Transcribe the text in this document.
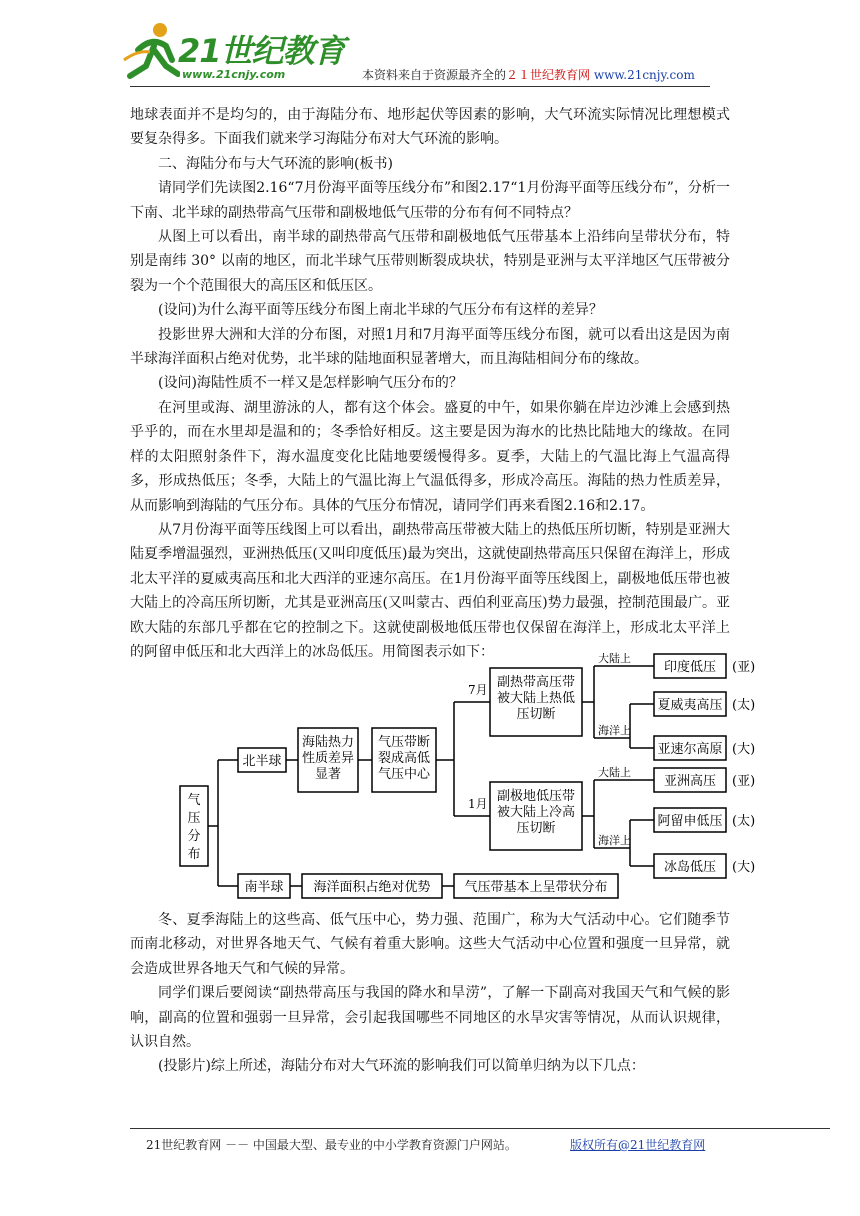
21世纪教育
www.21cnjy.com	本资料来自于资源最齐全的２１世纪教育网 www.21cnjy.com

地球表面并不是均匀的，由于海陆分布、地形起伏等因素的影响，大气环流实际情况比理想模式要复杂得多。下面我们就来学习海陆分布对大气环流的影响。

二、海陆分布与大气环流的影响(板书)

请同学们先读图2.16“7月份海平面等压线分布”和图2.17“1月份海平面等压线分布”，分析一下南、北半球的副热带高气压带和副极地低气压带的分布有何不同特点？

从图上可以看出，南半球的副热带高气压带和副极地低气压带基本上沿纬向呈带状分布，特别是南纬 30° 以南的地区，而北半球气压带则断裂成块状，特别是亚洲与太平洋地区气压带被分裂为一个个范围很大的高压区和低压区。

(设问)为什么海平面等压线分布图上南北半球的气压分布有这样的差异？

投影世界大洲和大洋的分布图，对照1月和7月海平面等压线分布图，就可以看出这是因为南半球海洋面积占绝对优势，北半球的陆地面积显著增大，而且海陆相间分布的缘故。

(设问)海陆性质不一样又是怎样影响气压分布的？

在河里或海、湖里游泳的人，都有这个体会。盛夏的中午，如果你躺在岸边沙滩上会感到热乎乎的，而在水里却是温和的；冬季恰好相反。这主要是因为海水的比热比陆地大的缘故。在同样的太阳照射条件下，海水温度变化比陆地要缓慢得多。夏季，大陆上的气温比海上气温高得多，形成热低压；冬季，大陆上的气温比海上气温低得多，形成冷高压。海陆的热力性质差异，从而影响到海陆的气压分布。具体的气压分布情况，请同学们再来看图2.16和2.17。

从7月份海平面等压线图上可以看出，副热带高压带被大陆上的热低压所切断，特别是亚洲大陆夏季增温强烈，亚洲热低压(又叫印度低压)最为突出，这就使副热带高压只保留在海洋上，形成北太平洋的夏威夷高压和北大西洋的亚速尔高压。在1月份海平面等压线图上，副极地低压带也被大陆上的冷高压所切断，尤其是亚洲高压(又叫蒙古、西伯利亚高压)势力最强，控制范围最广。亚欧大陆的东部几乎都在它的控制之下。这就使副极地低压带也仅保留在海洋上，形成北太平洋上的阿留申低压和北大西洋上的冰岛低压。用简图表示如下：

气
压
分
布
北半球
海陆热力
性质差异
显著
气压带断
裂成高低
气压中心
7月
1月
副热带高压带
被大陆上热低
压切断
副极地低压带
被大陆上冷高
压切断
大陆上
海洋上
大陆上
海洋上
印度低压
夏威夷高压
亚速尔高原
亚洲高压
阿留申低压
冰岛低压
(亚)
(太)
(大)
(亚)
(太)
(大)
南半球 海洋面积占绝对优势	气压带基本上呈带状分布

冬、夏季海陆上的这些高、低气压中心，势力强、范围广，称为大气活动中心。它们随季节而南北移动，对世界各地天气、气候有着重大影响。这些大气活动中心位置和强度一旦异常，就会造成世界各地天气和气候的异常。

同学们课后要阅读“副热带高压与我国的降水和旱涝”，了解一下副高对我国天气和气候的影响，副高的位置和强弱一旦异常，会引起我国哪些不同地区的水旱灾害等情况，从而认识规律，认识自然。

(投影片)综上所述，海陆分布对大气环流的影响我们可以简单归纳为以下几点：

21世纪教育网 －－ 中国最大型、最专业的中小学教育资源门户网站。	版权所有@21世纪教育网
